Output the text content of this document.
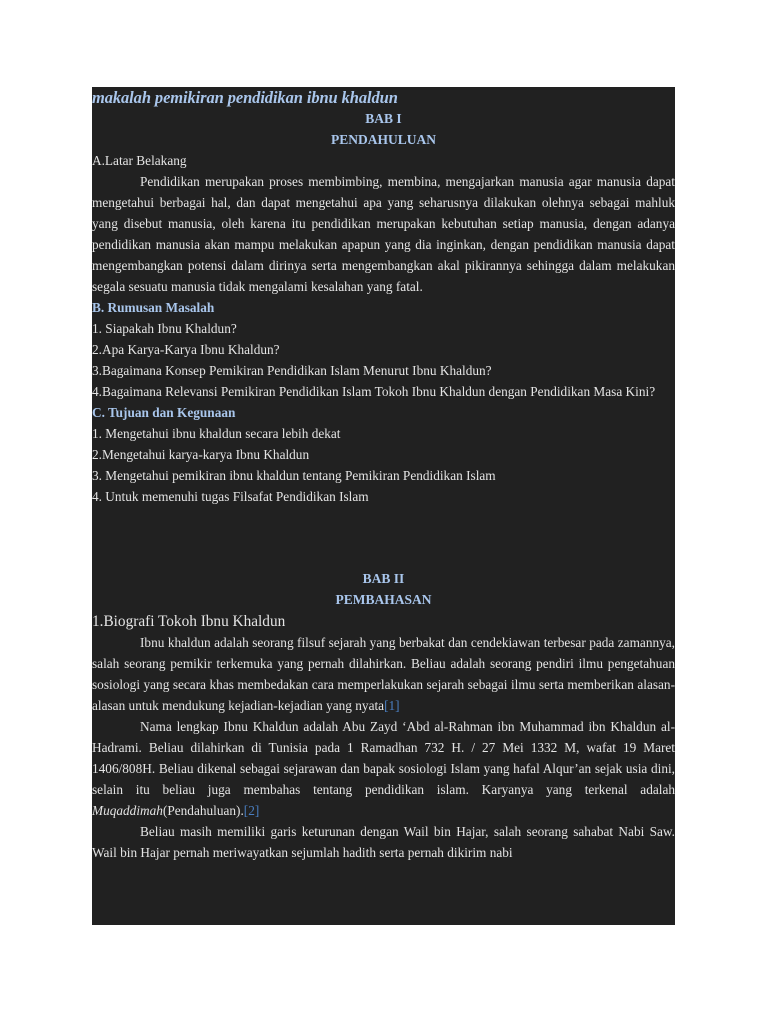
makalah pemikiran pendidikan ibnu khaldun
BAB I
PENDAHULUAN
A.Latar Belakang

Pendidikan merupakan proses membimbing, membina, mengajarkan manusia agar manusia dapat mengetahui berbagai hal, dan dapat mengetahui apa yang seharusnya dilakukan olehnya sebagai mahluk yang disebut manusia, oleh karena itu pendidikan merupakan kebutuhan setiap manusia, dengan adanya pendidikan manusia akan mampu melakukan apapun yang dia inginkan, dengan pendidikan manusia dapat mengembangkan potensi dalam dirinya serta mengembangkan akal pikirannya sehingga dalam melakukan segala sesuatu manusia tidak mengalami kesalahan yang fatal.

B. Rumusan Masalah
1. Siapakah Ibnu Khaldun?
2.Apa Karya-Karya Ibnu Khaldun?
3.Bagaimana Konsep Pemikiran Pendidikan Islam Menurut Ibnu Khaldun?
4.Bagaimana Relevansi Pemikiran Pendidikan Islam Tokoh Ibnu Khaldun dengan Pendidikan Masa Kini?
C. Tujuan dan Kegunaan
1. Mengetahui ibnu khaldun secara lebih dekat
2.Mengetahui karya-karya Ibnu Khaldun
3. Mengetahui pemikiran ibnu khaldun tentang Pemikiran Pendidikan Islam
4. Untuk memenuhi tugas Filsafat Pendidikan Islam
BAB II
PEMBAHASAN
1.Biografi Tokoh Ibnu Khaldun

Ibnu khaldun adalah seorang filsuf sejarah yang berbakat dan cendekiawan terbesar pada zamannya, salah seorang pemikir terkemuka yang pernah dilahirkan. Beliau adalah seorang pendiri ilmu pengetahuan sosiologi yang secara khas membedakan cara memperlakukan sejarah sebagai ilmu serta memberikan alasan-alasan untuk mendukung kejadian-kejadian yang nyata[1]

Nama lengkap Ibnu Khaldun adalah Abu Zayd ‘Abd al-Rahman ibn Muhammad ibn Khaldun al-Hadrami. Beliau dilahirkan di Tunisia pada 1 Ramadhan 732 H. / 27 Mei 1332 M, wafat 19 Maret 1406/808H. Beliau dikenal sebagai sejarawan dan bapak sosiologi Islam yang hafal Alqur’an sejak usia dini, selain itu beliau juga membahas tentang pendidikan islam. Karyanya yang terkenal adalah Muqaddimah(Pendahuluan).[2]

Beliau masih memiliki garis keturunan dengan Wail bin Hajar, salah seorang sahabat Nabi Saw. Wail bin Hajar pernah meriwayatkan sejumlah hadith serta pernah dikirim nabi
